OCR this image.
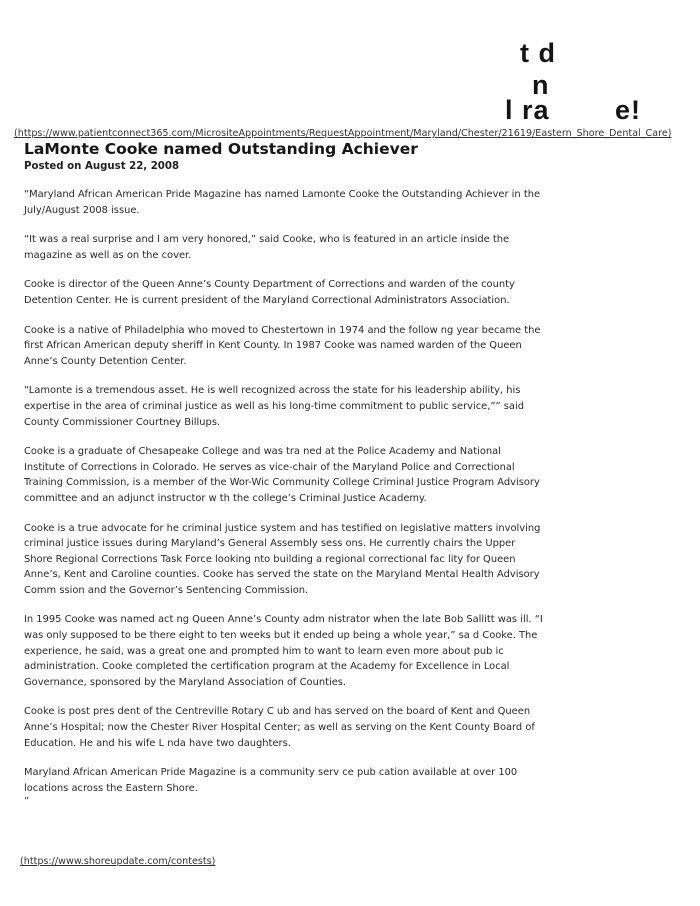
t d
n
l ra e!
(https://www.patientconnect365.com/MicrositeAppointments/RequestAppointment/Maryland/Chester/21619/Eastern_Shore_Dental_Care)
LaMonte Cooke named Outstanding Achiever
Posted on August 22, 2008

“Maryland African American Pride Magazine has named Lamonte Cooke the Outstanding Achiever in the July/August 2008 issue.

“It was a real surprise and I am very honored,” said Cooke, who is featured in an article inside the magazine as well as on the cover.

Cooke is director of the Queen Anne’s County Department of Corrections and warden of the county Detention Center. He is current president of the Maryland Correctional Administrators Association.

Cooke is a native of Philadelphia who moved to Chestertown in 1974 and the follow ng year became the first African American deputy sheriff in Kent County. In 1987 Cooke was named warden of the Queen Anne’s County Detention Center.

“Lamonte is a tremendous asset. He is well recognized across the state for his leadership ability, his expertise in the area of criminal justice as well as his long-time commitment to public service,”” said County Commissioner Courtney Billups.

Cooke is a graduate of Chesapeake College and was tra ned at the Police Academy and National Institute of Corrections in Colorado. He serves as vice-chair of the Maryland Police and Correctional Training Commission, is a member of the Wor-Wic Community College Criminal Justice Program Advisory committee and an adjunct instructor w th the college’s Criminal Justice Academy.

Cooke is a true advocate for he criminal justice system and has testified on legislative matters involving criminal justice issues during Maryland’s General Assembly sess ons. He currently chairs the Upper Shore Regional Corrections Task Force looking nto building a regional correctional fac lity for Queen Anne’s, Kent and Caroline counties. Cooke has served the state on the Maryland Mental Health Advisory Comm ssion and the Governor’s Sentencing Commission.

In 1995 Cooke was named act ng Queen Anne’s County adm nistrator when the late Bob Sallitt was ill. “I was only supposed to be there eight to ten weeks but it ended up being a whole year,” sa d Cooke. The experience, he said, was a great one and prompted him to want to learn even more about pub ic administration. Cooke completed the certification program at the Academy for Excellence in Local Governance, sponsored by the Maryland Association of Counties.

Cooke is post pres dent of the Centreville Rotary C ub and has served on the board of Kent and Queen Anne’s Hospital; now the Chester River Hospital Center; as well as serving on the Kent County Board of Education. He and his wife L nda have two daughters.

Maryland African American Pride Magazine is a community serv ce pub cation available at over 100 locations across the Eastern Shore.

”
(https://www.shoreupdate.com/contests)
